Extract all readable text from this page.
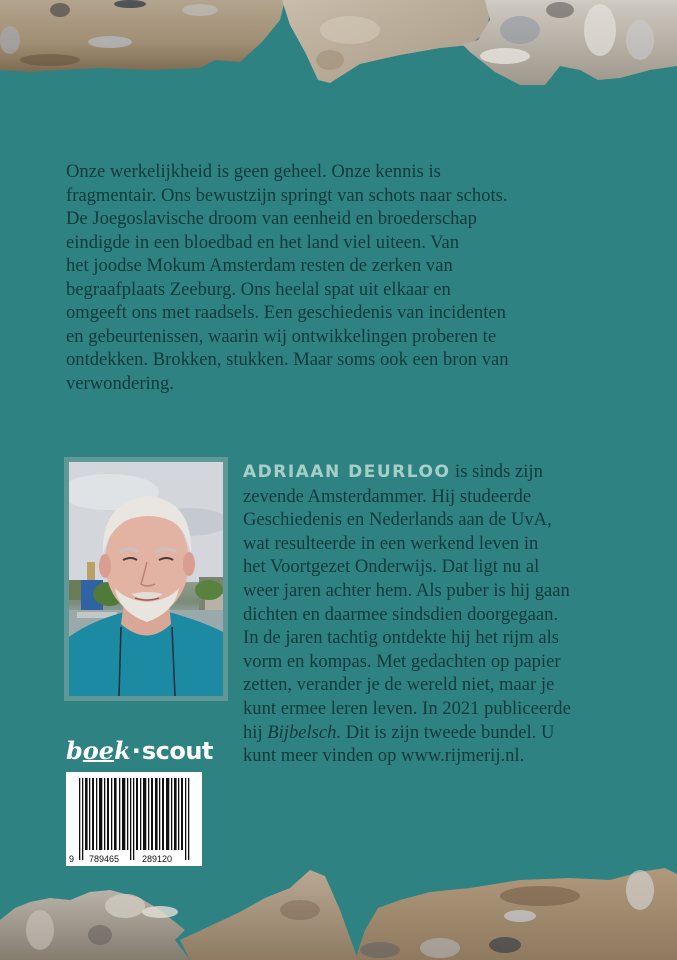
Onze werkelijkheid is geen geheel. Onze kennis is
fragmentair. Ons bewustzijn springt van schots naar schots.
De Joegoslavische droom van eenheid en broederschap
eindigde in een bloedbad en het land viel uiteen. Van
het joodse Mokum Amsterdam resten de zerken van
begraafplaats Zeeburg. Ons heelal spat uit elkaar en
omgeeft ons met raadsels. Een geschiedenis van incidenten
en gebeurtenissen, waarin wij ontwikkelingen proberen te
ontdekken. Brokken, stukken. Maar soms ook een bron van
verwondering.

ADRIAAN DEURLOO is sinds zijn
zevende Amsterdammer. Hij studeerde
Geschiedenis en Nederlands aan de UvA,
wat resulteerde in een werkend leven in
het Voortgezet Onderwijs. Dat ligt nu al
weer jaren achter hem. Als puber is hij gaan
dichten en daarmee sindsdien doorgegaan.
In de jaren tachtig ontdekte hij het rijm als
vorm en kompas. Met gedachten op papier
zetten, verander je de wereld niet, maar je
kunt ermee leren leven. In 2021 publiceerde
hij Bijbelsch. Dit is zijn tweede bundel. U
kunt meer vinden op www.rijmerij.nl.

boek·scout
9 789465	289120
